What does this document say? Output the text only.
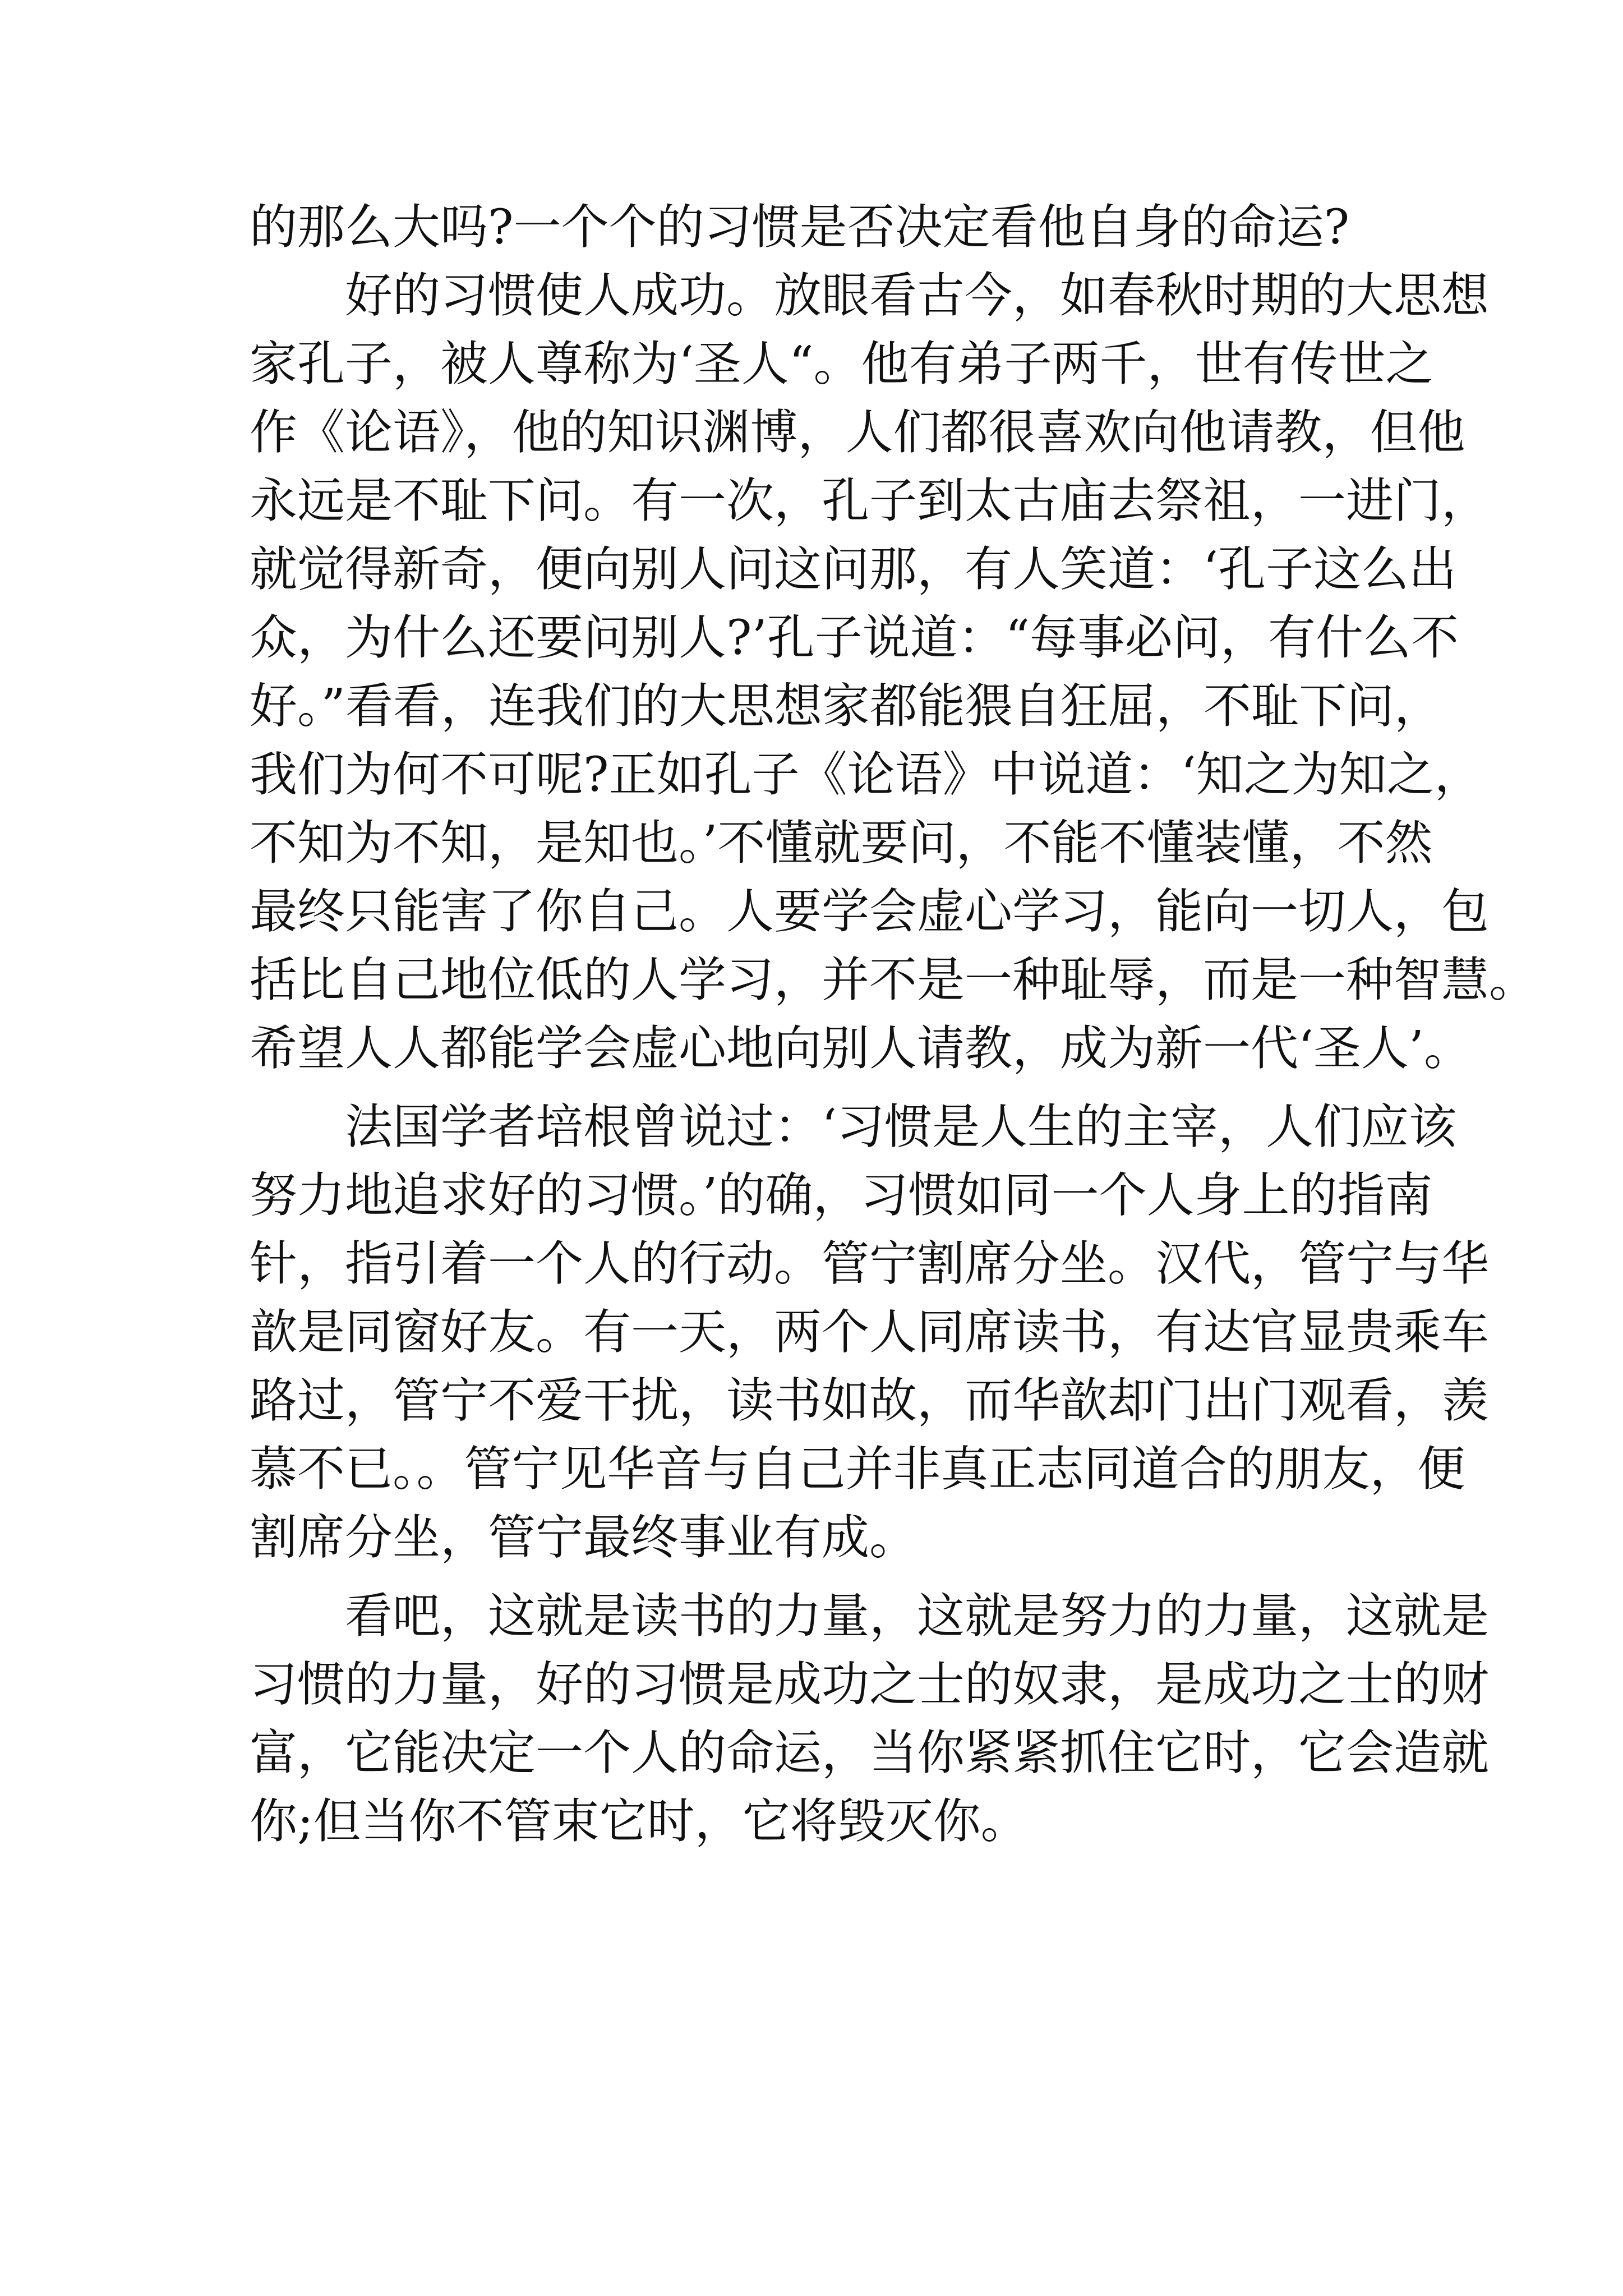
的那么大吗?一个个的习惯是否决定看他自身的命运?
好的习惯使人成功。放眼看古今，如春秋时期的大思想
家孔子，被人尊称为‘圣人“。他有弟子两千，世有传世之
作《论语》，他的知识渊博，人们都很喜欢向他请教，但他
永远是不耻下问。有一次，孔子到太古庙去祭祖，一进门，
就觉得新奇，便向别人问这问那，有人笑道：‘孔子这么出
众，为什么还要问别人?’孔子说道：“每事必问，有什么不
好。”看看，连我们的大思想家都能猥自狂屈，不耻下问，
我们为何不可呢?正如孔子《论语》中说道：‘知之为知之，
不知为不知，是知也。’不懂就要问，不能不懂装懂，不然
最终只能害了你自己。人要学会虚心学习，能向一切人，包
括比自己地位低的人学习，并不是一种耻辱，而是一种智慧。
希望人人都能学会虚心地向别人请教，成为新一代‘圣人’。
法国学者培根曾说过：‘习惯是人生的主宰，人们应该
努力地追求好的习惯。’的确，习惯如同一个人身上的指南
针，指引着一个人的行动。管宁割席分坐。汉代，管宁与华
歆是同窗好友。有一天，两个人同席读书，有达官显贵乘车
路过，管宁不爱干扰，读书如故，而华歆却门出门观看，羡
慕不已。。管宁见华音与自己并非真正志同道合的朋友，便
割席分坐，管宁最终事业有成。
看吧，这就是读书的力量，这就是努力的力量，这就是
习惯的力量，好的习惯是成功之士的奴隶，是成功之士的财
富，它能决定一个人的命运，当你紧紧抓住它时，它会造就
你;但当你不管束它时，它将毁灭你。
